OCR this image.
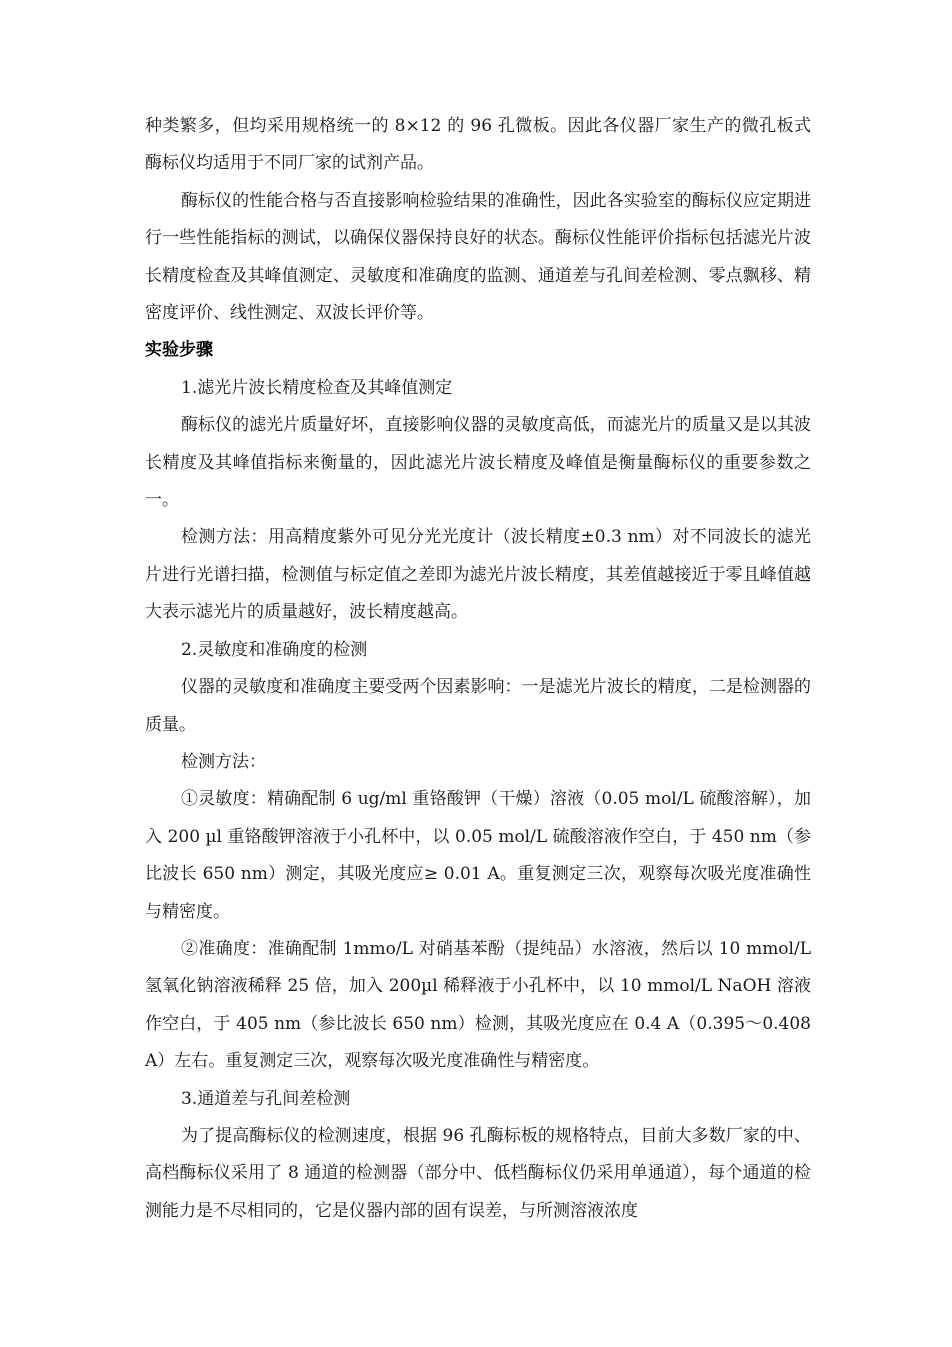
种类繁多，但均采用规格统一的 8×12 的 96 孔微板。因此各仪器厂家生产的微孔板式酶标仪均适用于不同厂家的试剂产品。

酶标仪的性能合格与否直接影响检验结果的准确性，因此各实验室的酶标仪应定期进行一些性能指标的测试，以确保仪器保持良好的状态。酶标仪性能评价指标包括滤光片波长精度检查及其峰值测定、灵敏度和准确度的监测、通道差与孔间差检测、零点飘移、精密度评价、线性测定、双波长评价等。

实验步骤

1.滤光片波长精度检查及其峰值测定

酶标仪的滤光片质量好坏，直接影响仪器的灵敏度高低，而滤光片的质量又是以其波长精度及其峰值指标来衡量的，因此滤光片波长精度及峰值是衡量酶标仪的重要参数之一。

检测方法：用高精度紫外可见分光光度计（波长精度±0.3 nm）对不同波长的滤光片进行光谱扫描，检测值与标定值之差即为滤光片波长精度，其差值越接近于零且峰值越大表示滤光片的质量越好，波长精度越高。

2.灵敏度和准确度的检测

仪器的灵敏度和准确度主要受两个因素影响：一是滤光片波长的精度，二是检测器的质量。

检测方法：

①灵敏度：精确配制 6 ug/ml 重铬酸钾（干燥）溶液（0.05 mol/L 硫酸溶解），加入 200 µl 重铬酸钾溶液于小孔杯中，以 0.05 mol/L 硫酸溶液作空白，于 450 nm（参比波长 650 nm）测定，其吸光度应≥ 0.01 A。重复测定三次，观察每次吸光度准确性与精密度。

②准确度：准确配制 1mmo/L 对硝基苯酚（提纯品）水溶液，然后以 10 mmol/L 氢氧化钠溶液稀释 25 倍，加入 200µl 稀释液于小孔杯中，以 10 mmol/L NaOH 溶液作空白，于 405 nm（参比波长 650 nm）检测，其吸光度应在 0.4 A（0.395～0.408 A）左右。重复测定三次，观察每次吸光度准确性与精密度。

3.通道差与孔间差检测

为了提高酶标仪的检测速度，根据 96 孔酶标板的规格特点，目前大多数厂家的中、高档酶标仪采用了 8 通道的检测器（部分中、低档酶标仪仍采用单通道），每个通道的检测能力是不尽相同的，它是仪器内部的固有误差，与所测溶液浓度
